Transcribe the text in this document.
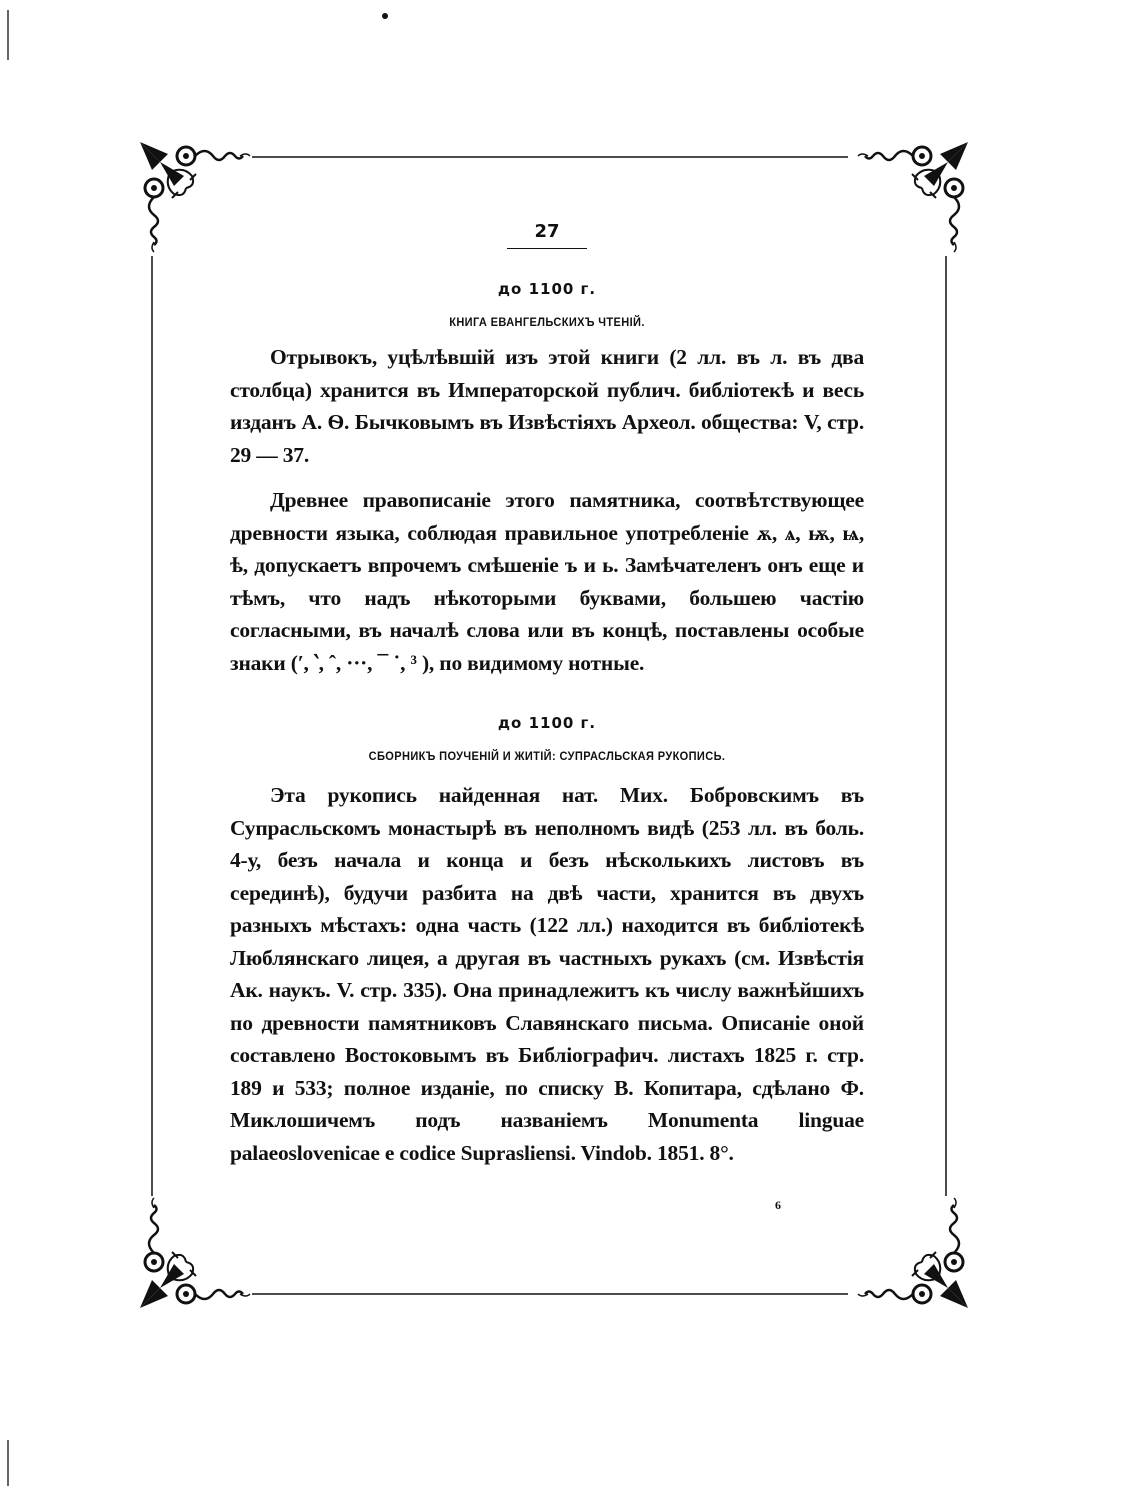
27
до 1100 г.
КНИГА ЕВАНГЕЛЬСКИХЪ ЧТЕНІЙ.

Отрывокъ, уцѣлѣвшій изъ этой книги (2 лл. въ л. въ два столбца) хранится въ Императорской публич. библіотекѣ и весь изданъ А. Ѳ. Бычковымъ въ Извѣстіяхъ Археол. общества: V, стр. 29 — 37.

Древнее правописаніе этого памятника, соотвѣтствующее древности языка, соблюдая правильное употребленіе ѫ, ѧ, ѭ, ѩ, ѣ, допускаетъ впрочемъ смѣшеніе ъ и ь. Замѣчателенъ онъ еще и тѣмъ, что надъ нѣкоторыми буквами, большею частію согласными, въ началѣ слова или въ концѣ, поставлены особые знаки (′, ‵, ˆ, ···, ¯ ˙, ³ ), по видимому нотные.

до 1100 г.
СБОРНИКЪ ПОУЧЕНІЙ И ЖИТІЙ: СУПРАСЛЬСКАЯ РУКОПИСЬ.

Эта рукопись найденная нат. Мих. Бобровскимъ въ Супрасльскомъ монастырѣ въ неполномъ видѣ (253 лл. въ боль. 4-у, безъ начала и конца и безъ нѣсколькихъ листовъ въ серединѣ), будучи разбита на двѣ части, хранится въ двухъ разныхъ мѣстахъ: одна часть (122 лл.) находится въ библіотекѣ Люблянскаго лицея, а другая въ частныхъ рукахъ (см. Извѣстія Ак. наукъ. V. стр. 335). Она принадлежитъ къ числу важнѣйшихъ по древности памятниковъ Славянскаго письма. Описаніе оной составлено Востоковымъ въ Библіографич. листахъ 1825 г. стр. 189 и 533; полное изданіе, по списку В. Копитара, сдѣлано Ф. Миклошичемъ подъ названіемъ Monumenta linguae palaeoslovenicae e codice Suprasliensi. Vindob. 1851. 8°.

6
